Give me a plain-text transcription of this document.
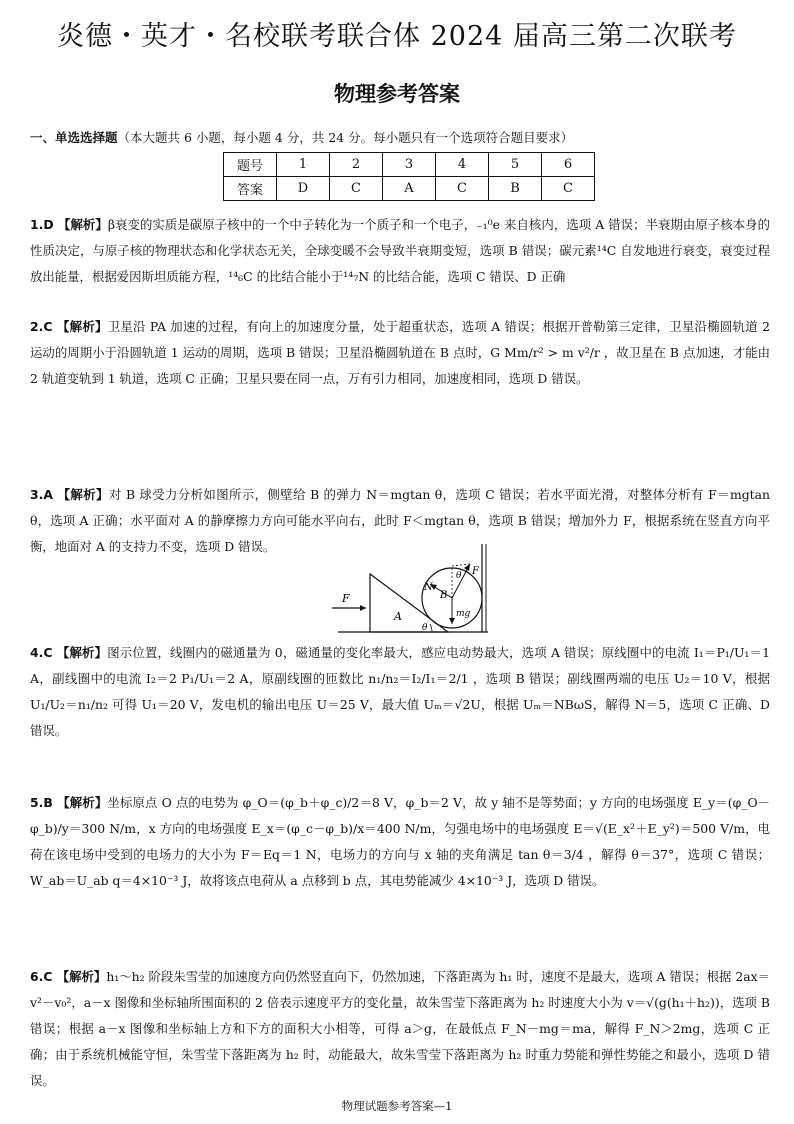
炎德・英才・名校联考联合体 2024 届高三第二次联考
物理参考答案
一、单选选择题（本大题共 6 小题，每小题 4 分，共 24 分。每小题只有一个选项符合题目要求）
题号	1	2	3	4	5	6
答案	D	C	A	C	B	C

1.D 【解析】β衰变的实质是碳原子核中的一个中子转化为一个质子和一个电子，₋₁⁰e 来自核内，选项 A 错误；半衰期由原子核本身的性质决定，与原子核的物理状态和化学状态无关，全球变暖不会导致半衰期变短，选项 B 错误；碳元素¹⁴C 自发地进行衰变，衰变过程放出能量，根据爱因斯坦质能方程，¹⁴₆C 的比结合能小于¹⁴₇N 的比结合能，选项 C 错误、D 正确

2.C 【解析】卫星沿 PA 加速的过程，有向上的加速度分量，处于超重状态，选项 A 错误；根据开普勒第三定律，卫星沿椭圆轨道 2 运动的周期小于沿圆轨道 1 运动的周期，选项 B 错误；卫星沿椭圆轨道在 B 点时，G Mm/r² > m v²/r ，故卫星在 B 点加速，才能由 2 轨道变轨到 1 轨道，选项 C 正确；卫星只要在同一点，万有引力相同，加速度相同，选项 D 错误。

3.A 【解析】对 B 球受力分析如图所示，侧壁给 B 的弹力 N＝mgtan θ，选项 C 错误；若水平面光滑，对整体分析有 F＝mgtan θ，选项 A 正确；水平面对 A 的静摩擦力方向可能水平向右，此时 F＜mgtan θ，选项 B 错误；增加外力 F，根据系统在竖直方向平衡，地面对 A 的支持力不变，选项 D 错误。

F
A
B
N
F
mg
θ
θ

4.C 【解析】图示位置，线圈内的磁通量为 0，磁通量的变化率最大，感应电动势最大，选项 A 错误；原线圈中的电流 I₁＝P₁/U₁＝1 A，副线圈中的电流 I₂＝2 P₁/U₁＝2 A，原副线圈的匝数比 n₁/n₂＝I₂/I₁＝2/1 ，选项 B 错误；副线圈两端的电压 U₂＝10 V，根据 U₁/U₂＝n₁/n₂ 可得 U₁＝20 V，发电机的输出电压 U＝25 V，最大值 Uₘ＝√2U，根据 Uₘ＝NBωS，解得 N＝5，选项 C 正确、D 错误。

5.B 【解析】坐标原点 O 点的电势为 φ_O＝(φ_b＋φ_c)/2＝8 V，φ_b＝2 V，故 y 轴不是等势面；y 方向的电场强度 E_y＝(φ_O－φ_b)/y＝300 N/m，x 方向的电场强度 E_x＝(φ_c－φ_b)/x＝400 N/m，匀强电场中的电场强度 E＝√(E_x²＋E_y²)＝500 V/m，电荷在该电场中受到的电场力的大小为 F＝Eq＝1 N，电场力的方向与 x 轴的夹角满足 tan θ＝3/4 ，解得 θ＝37°，选项 C 错误；W_ab＝U_ab q＝4×10⁻³ J，故将该点电荷从 a 点移到 b 点，其电势能减少 4×10⁻³ J，选项 D 错误。

6.C 【解析】h₁～h₂ 阶段朱雪莹的加速度方向仍然竖直向下，仍然加速，下落距离为 h₁ 时，速度不是最大，选项 A 错误；根据 2ax＝v²－v₀²，a－x 图像和坐标轴所围面积的 2 倍表示速度平方的变化量，故朱雪莹下落距离为 h₂ 时速度大小为 v＝√(g(h₁＋h₂))，选项 B 错误；根据 a－x 图像和坐标轴上方和下方的面积大小相等，可得 a＞g，在最低点 F_N－mg＝ma，解得 F_N＞2mg，选项 C 正确；由于系统机械能守恒，朱雪莹下落距离为 h₂ 时，动能最大，故朱雪莹下落距离为 h₂ 时重力势能和弹性势能之和最小，选项 D 错误。

物理试题参考答案—1
